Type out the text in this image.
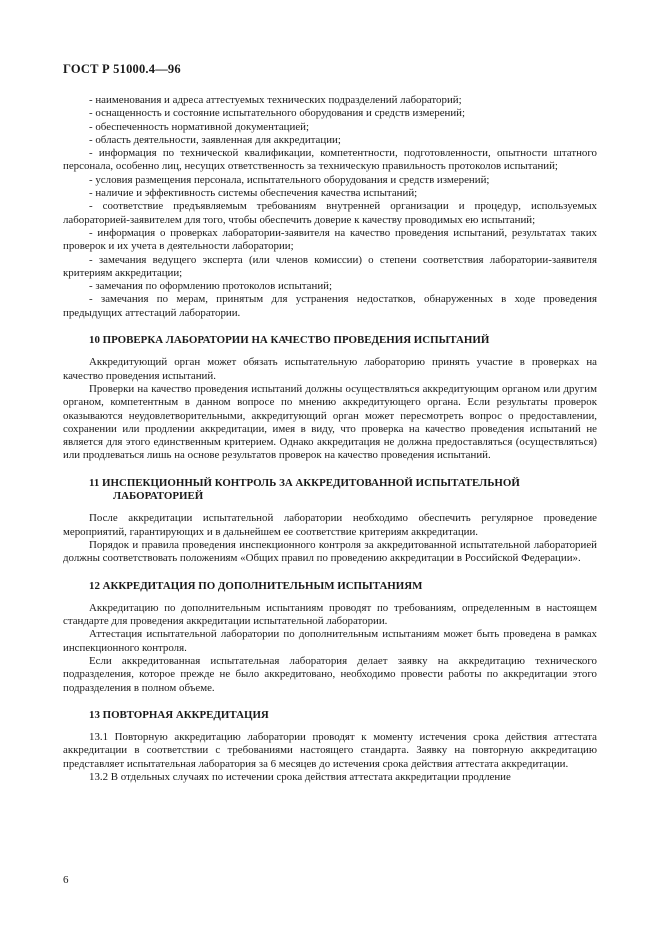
ГОСТ Р 51000.4—96

- наименования и адреса аттестуемых технических подразделений лабораторий;

- оснащенность и состояние испытательного оборудования и средств измерений;

- обеспеченность нормативной документацией;

- область деятельности, заявленная для аккредитации;

- информация по технической квалификации, компетентности, подготовленности, опытности штатного персонала, особенно лиц, несущих ответственность за техническую правильность протоколов испытаний;

- условия размещения персонала, испытательного оборудования и средств измерений;

- наличие и эффективность системы обеспечения качества испытаний;

- соответствие предъявляемым требованиям внутренней организации и процедур, используемых лабораторией-заявителем для того, чтобы обеспечить доверие к качеству проводимых ею испытаний;

- информация о проверках лаборатории-заявителя на качество проведения испытаний, результатах таких проверок и их учета в деятельности лаборатории;

- замечания ведущего эксперта (или членов комиссии) о степени соответствия лаборатории-заявителя критериям аккредитации;

- замечания по оформлению протоколов испытаний;

- замечания по мерам, принятым для устранения недостатков, обнаруженных в ходе проведения предыдущих аттестаций лаборатории.

10 ПРОВЕРКА ЛАБОРАТОРИИ НА КАЧЕСТВО ПРОВЕДЕНИЯ ИСПЫТАНИЙ

Аккредитующий орган может обязать испытательную лабораторию принять участие в проверках на качество проведения испытаний.

Проверки на качество проведения испытаний должны осуществляться аккредитующим органом или другим органом, компетентным в данном вопросе по мнению аккредитующего органа. Если результаты проверок оказываются неудовлетворительными, аккредитующий орган может пересмотреть вопрос о предоставлении, сохранении или продлении аккредитации, имея в виду, что проверка на качество проведения испытаний не является для этого единственным критерием. Однако аккредитация не должна предоставляться (осуществляться) или продлеваться лишь на основе результатов проверок на качество проведения испытаний.

11 ИНСПЕКЦИОННЫЙ КОНТРОЛЬ ЗА АККРЕДИТОВАННОЙ ИСПЫТАТЕЛЬНОЙ
ЛАБОРАТОРИЕЙ

После аккредитации испытательной лаборатории необходимо обеспечить регулярное проведение мероприятий, гарантирующих и в дальнейшем ее соответствие критериям аккредитации.

Порядок и правила проведения инспекционного контроля за аккредитованной испытательной лабораторией должны соответствовать положениям «Общих правил по проведению аккредитации в Российской Федерации».

12 АККРЕДИТАЦИЯ ПО ДОПОЛНИТЕЛЬНЫМ ИСПЫТАНИЯМ

Аккредитацию по дополнительным испытаниям проводят по требованиям, определенным в настоящем стандарте для проведения аккредитации испытательной лаборатории.

Аттестация испытательной лаборатории по дополнительным испытаниям может быть проведена в рамках инспекционного контроля.

Если аккредитованная испытательная лаборатория делает заявку на аккредитацию технического подразделения, которое прежде не было аккредитовано, необходимо провести работы по аккредитации этого подразделения в полном объеме.

13 ПОВТОРНАЯ АККРЕДИТАЦИЯ

13.1 Повторную аккредитацию лаборатории проводят к моменту истечения срока действия аттестата аккредитации в соответствии с требованиями настоящего стандарта. Заявку на повторную аккредитацию представляет испытательная лаборатория за 6 месяцев до истечения срока действия аттестата аккредитации.

13.2 В отдельных случаях по истечении срока действия аттестата аккредитации продление

6
